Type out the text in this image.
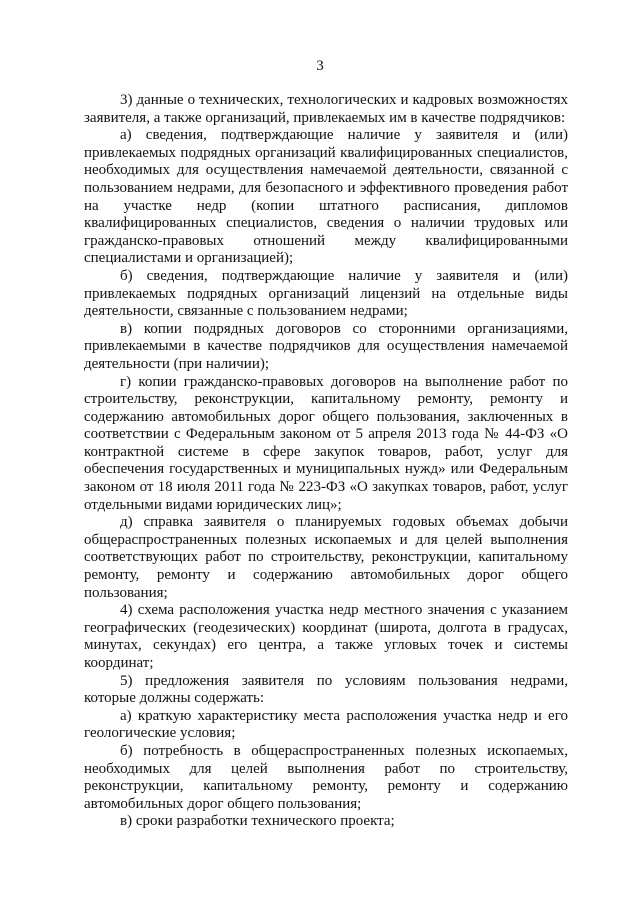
3

3) данные о технических, технологических и кадровых возможностях заявителя, а также организаций, привлекаемых им в качестве подрядчиков:

а) сведения, подтверждающие наличие у заявителя и (или) привлекаемых подрядных организаций квалифицированных специалистов, необходимых для осуществления намечаемой деятельности, связанной с пользованием недрами, для безопасного и эффективного проведения работ на участке недр (копии штатного расписания, дипломов квалифицированных специалистов, сведения о наличии трудовых или гражданско-правовых отношений между квалифицированными специалистами и организацией);

б) сведения, подтверждающие наличие у заявителя и (или) привлекаемых подрядных организаций лицензий на отдельные виды деятельности, связанные с пользованием недрами;

в) копии подрядных договоров со сторонними организациями, привлекаемыми в качестве подрядчиков для осуществления намечаемой деятельности (при наличии);

г) копии гражданско-правовых договоров на выполнение работ по строительству, реконструкции, капитальному ремонту, ремонту и содержанию автомобильных дорог общего пользования, заключенных в соответствии с Федеральным законом от 5 апреля 2013 года № 44-ФЗ «О контрактной системе в сфере закупок товаров, работ, услуг для обеспечения государственных и муниципальных нужд» или Федеральным законом от 18 июля 2011 года № 223-ФЗ «О закупках товаров, работ, услуг отдельными видами юридических лиц»;

д) справка заявителя о планируемых годовых объемах добычи общераспространенных полезных ископаемых и для целей выполнения соответствующих работ по строительству, реконструкции, капитальному ремонту, ремонту и содержанию автомобильных дорог общего пользования;

4) схема расположения участка недр местного значения с указанием географических (геодезических) координат (широта, долгота в градусах, минутах, секундах) его центра, а также угловых точек и системы координат;

5) предложения заявителя по условиям пользования недрами, которые должны содержать:

а) краткую характеристику места расположения участка недр и его геологические условия;

б) потребность в общераспространенных полезных ископаемых, необходимых для целей выполнения работ по строительству, реконструкции, капитальному ремонту, ремонту и содержанию автомобильных дорог общего пользования;

в) сроки разработки технического проекта;
